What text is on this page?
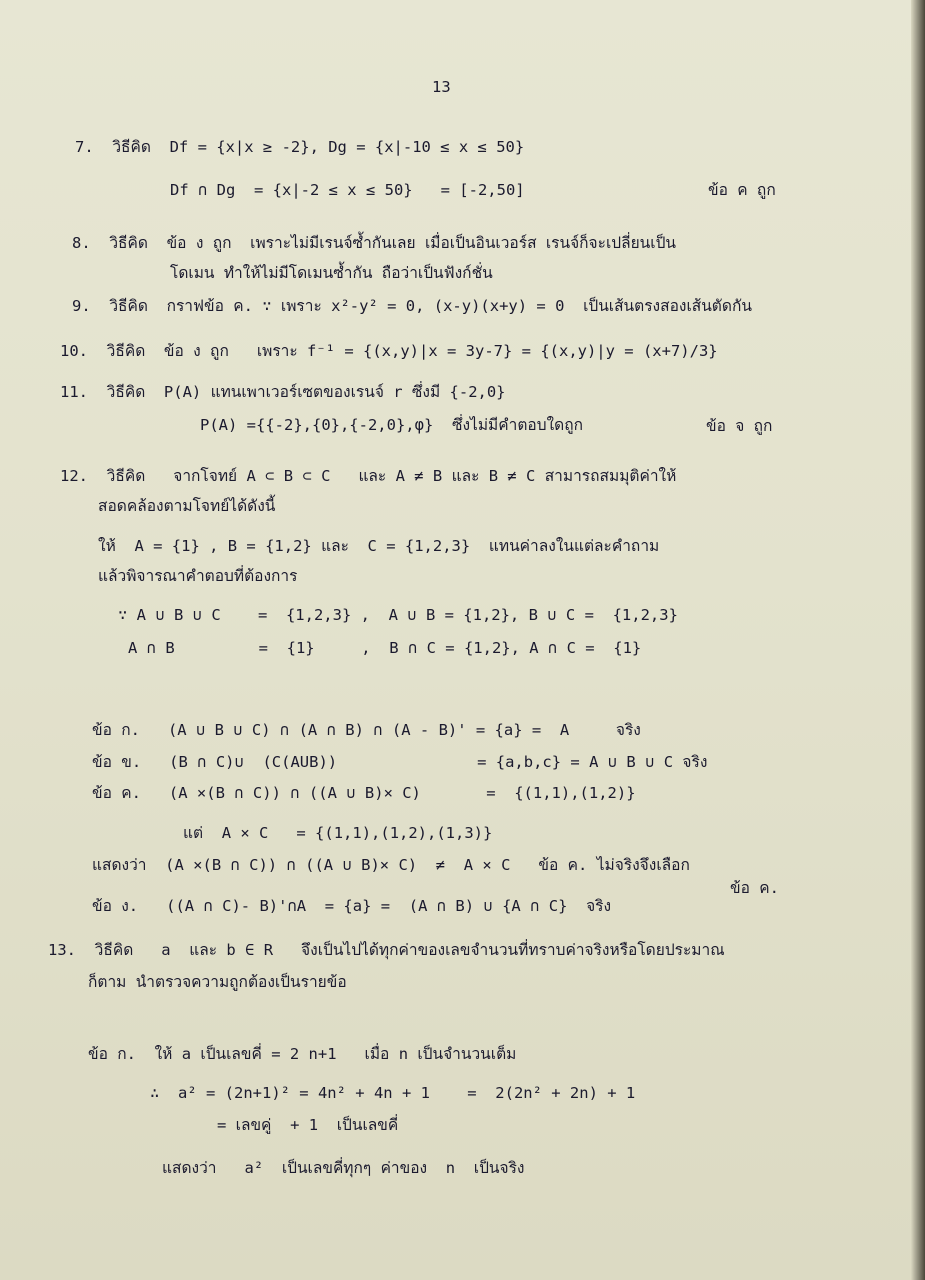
13
7.  วิธีคิด  Df = {x|x ≥ -2}, Dg = {x|-10 ≤ x ≤ 50}
Df ∩ Dg  = {x|-2 ≤ x ≤ 50}   = [-2,50]	ข้อ ค ถูก
8.  วิธีคิด  ข้อ ง ถูก  เพราะไม่มีเรนจ์ซ้ำกันเลย เมื่อเป็นอินเวอร์ส เรนจ์ก็จะเปลี่ยนเป็น
โดเมน ทำให้ไม่มีโดเมนซ้ำกัน ถือว่าเป็นฟังก์ชั่น
9.  วิธีคิด  กราฟข้อ ค. ∵ เพราะ x²-y² = 0, (x-y)(x+y) = 0  เป็นเส้นตรงสองเส้นตัดกัน
10.  วิธีคิด  ข้อ ง ถูก   เพราะ f⁻¹ = {(x,y)|x = 3y-7} = {(x,y)|y = (x+7)/3}
11.  วิธีคิด  P(A) แทนเพาเวอร์เซตของเรนจ์ r ซึ่งมี {-2,0}
P(A) ={{-2},{0},{-2,0},φ}  ซึ่งไม่มีคำตอบใดถูก	ข้อ จ ถูก
12.  วิธีคิด   จากโจทย์ A ⊂ B ⊂ C   และ A ≠ B และ B ≠ C สามารถสมมุติค่าให้
สอดคล้องตามโจทย์ได้ดังนี้
ให้  A = {1} , B = {1,2} และ  C = {1,2,3}  แทนค่าลงในแต่ละคำถาม
แล้วพิจารณาคำตอบที่ต้องการ
∵ A ∪ B ∪ C    =  {1,2,3} ,  A ∪ B = {1,2}, B ∪ C =  {1,2,3}
A ∩ B         =  {1}     ,  B ∩ C = {1,2}, A ∩ C =  {1}
ข้อ ก.   (A ∪ B ∪ C) ∩ (A ∩ B) ∩ (A - B)' = {a} =  A     จริง
ข้อ ข.   (B ∩ C)∪  (C(AUB))               = {a,b,c} = A ∪ B ∪ C จริง
ข้อ ค.   (A ×(B ∩ C)) ∩ ((A ∪ B)× C)       =  {(1,1),(1,2)}
แต่  A × C   = {(1,1),(1,2),(1,3)}
แสดงว่า  (A ×(B ∩ C)) ∩ ((A ∪ B)× C)  ≠  A × C   ข้อ ค. ไม่จริงจึงเลือก
ข้อ ค.
ข้อ ง.   ((A ∩ C)- B)'∩A  = {a} =  (A ∩ B) ∪ {A ∩ C}  จริง
13.  วิธีคิด   a  และ b ∈ R   จึงเป็นไปได้ทุกค่าของเลขจำนวนที่ทราบค่าจริงหรือโดยประมาณ
ก็ตาม นำตรวจความถูกต้องเป็นรายข้อ
ข้อ ก.  ให้ a เป็นเลขคี่ = 2 n+1   เมื่อ n เป็นจำนวนเต็ม
∴  a² = (2n+1)² = 4n² + 4n + 1    =  2(2n² + 2n) + 1
= เลขคู่  + 1  เป็นเลขคี่
แสดงว่า   a²  เป็นเลขคี่ทุกๆ ค่าของ  n  เป็นจริง
